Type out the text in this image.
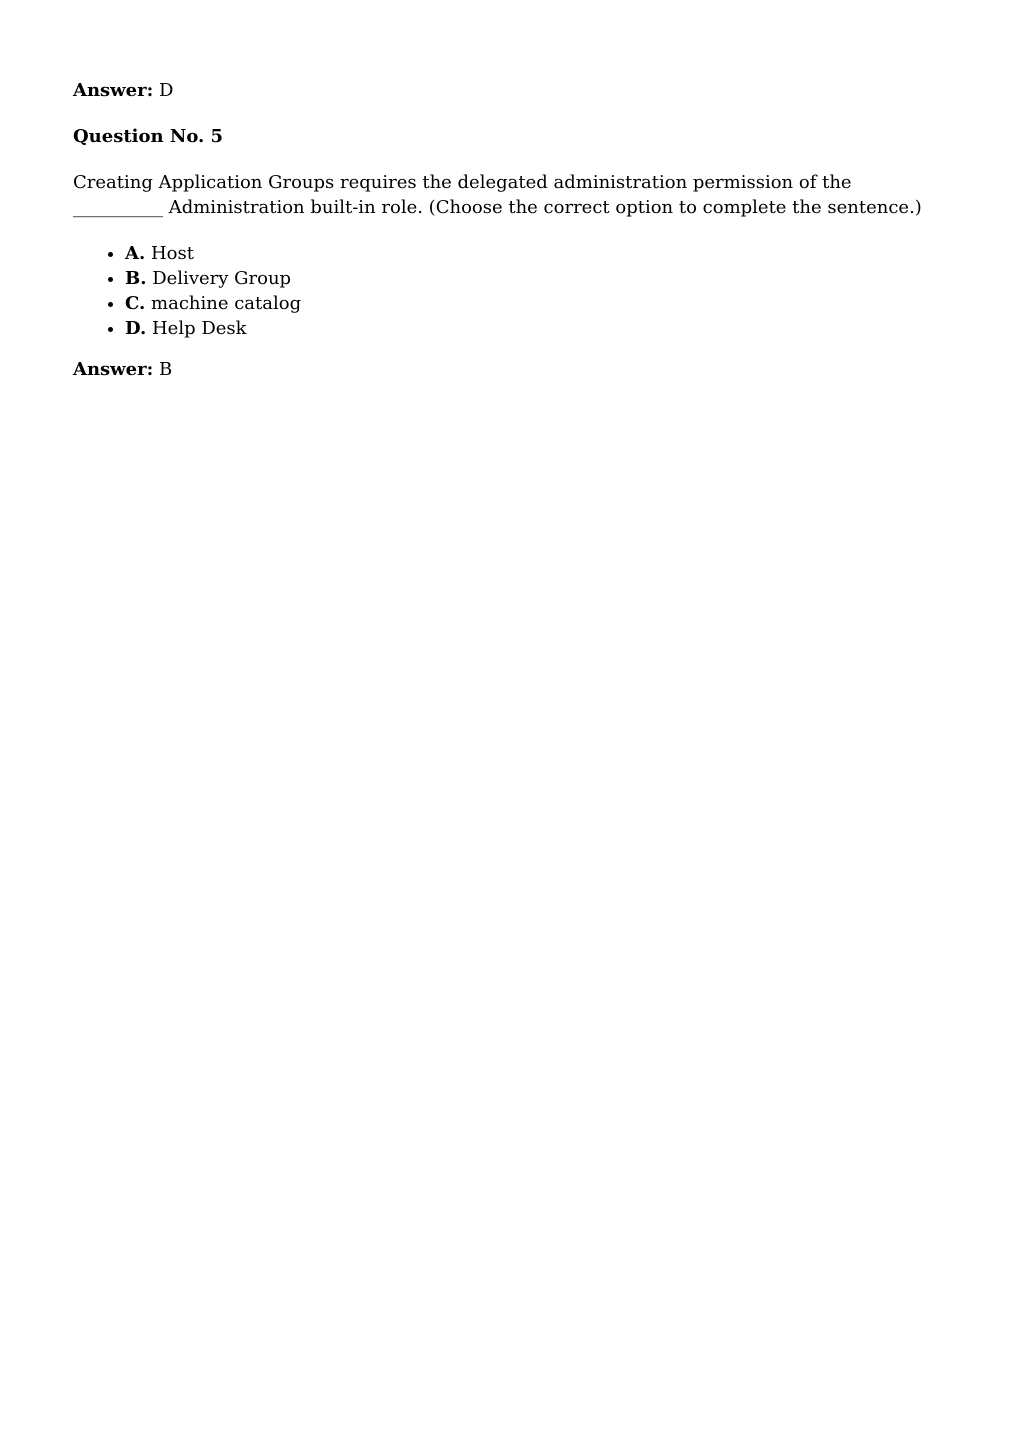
Answer: D

Question No. 5

Creating Application Groups requires the delegated administration permission of the __________ Administration built-in role. (Choose the correct option to complete the sentence.)

• A. Host
• B. Delivery Group
• C. machine catalog
• D. Help Desk

Answer: B
